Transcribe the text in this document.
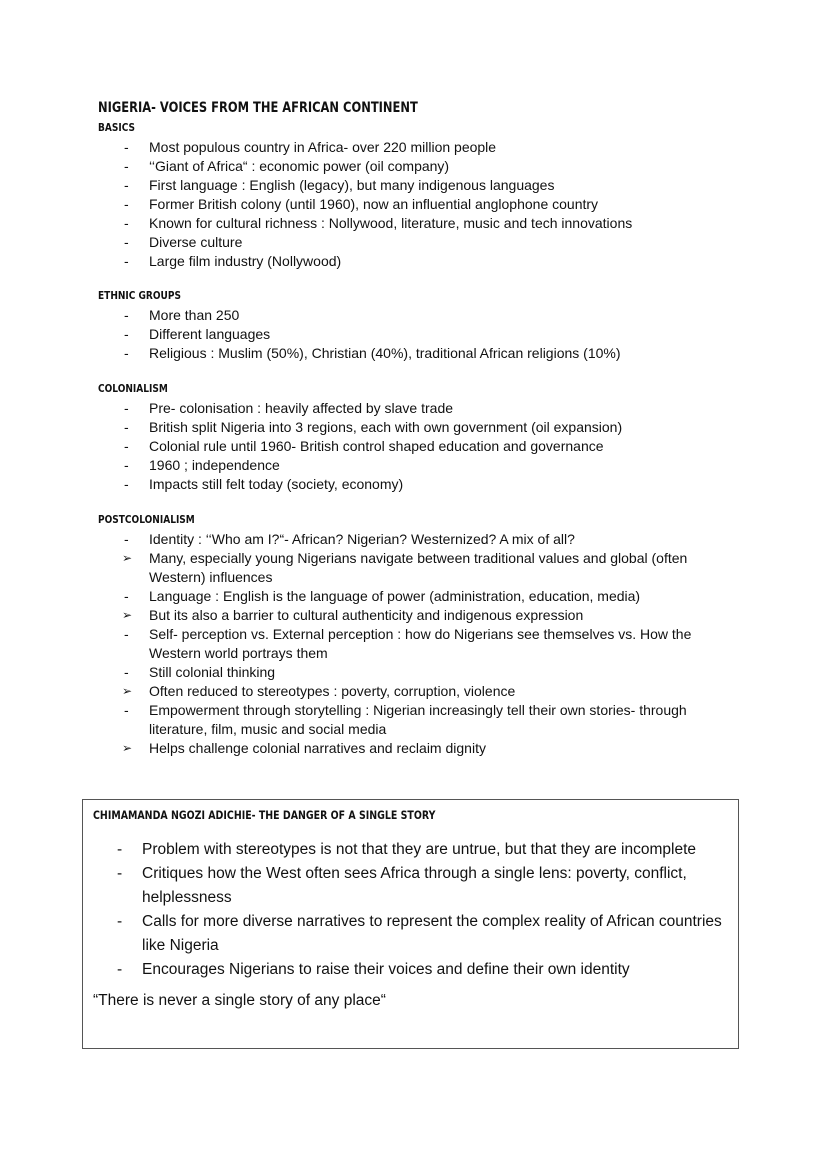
NIGERIA- VOICES FROM THE AFRICAN CONTINENT
BASICS
- Most populous country in Africa- over 220 million people
- ‘‘Giant of Africa“ : economic power (oil company)
- First language : English (legacy), but many indigenous languages
- Former British colony (until 1960), now an influential anglophone country
- Known for cultural richness : Nollywood, literature, music and tech innovations
- Diverse culture
- Large film industry (Nollywood)
ETHNIC GROUPS
- More than 250
- Different languages
- Religious : Muslim (50%), Christian (40%), traditional African religions (10%)
COLONIALISM
- Pre- colonisation : heavily affected by slave trade
- British split Nigeria into 3 regions, each with own government (oil expansion)
- Colonial rule until 1960- British control shaped education and governance
- 1960 ; independence
- Impacts still felt today (society, economy)
POSTCOLONIALISM
- Identity : ‘‘Who am I?“- African? Nigerian? Westernized? A mix of all?
➢ Many, especially young Nigerians navigate between traditional values and global (often Western) influences
- Language : English is the language of power (administration, education, media)
➢ But its also a barrier to cultural authenticity and indigenous expression
- Self- perception vs. External perception : how do Nigerians see themselves vs. How the Western world portrays them
- Still colonial thinking
➢ Often reduced to stereotypes : poverty, corruption, violence
- Empowerment through storytelling : Nigerian increasingly tell their own stories- through literature, film, music and social media
➢ Helps challenge colonial narratives and reclaim dignity
CHIMAMANDA NGOZI ADICHIE- THE DANGER OF A SINGLE STORY
- Problem with stereotypes is not that they are untrue, but that they are incomplete
- Critiques how the West often sees Africa through a single lens: poverty, conflict, helplessness
- Calls for more diverse narratives to represent the complex reality of African countries like Nigeria
- Encourages Nigerians to raise their voices and define their own identity
“There is never a single story of any place“
